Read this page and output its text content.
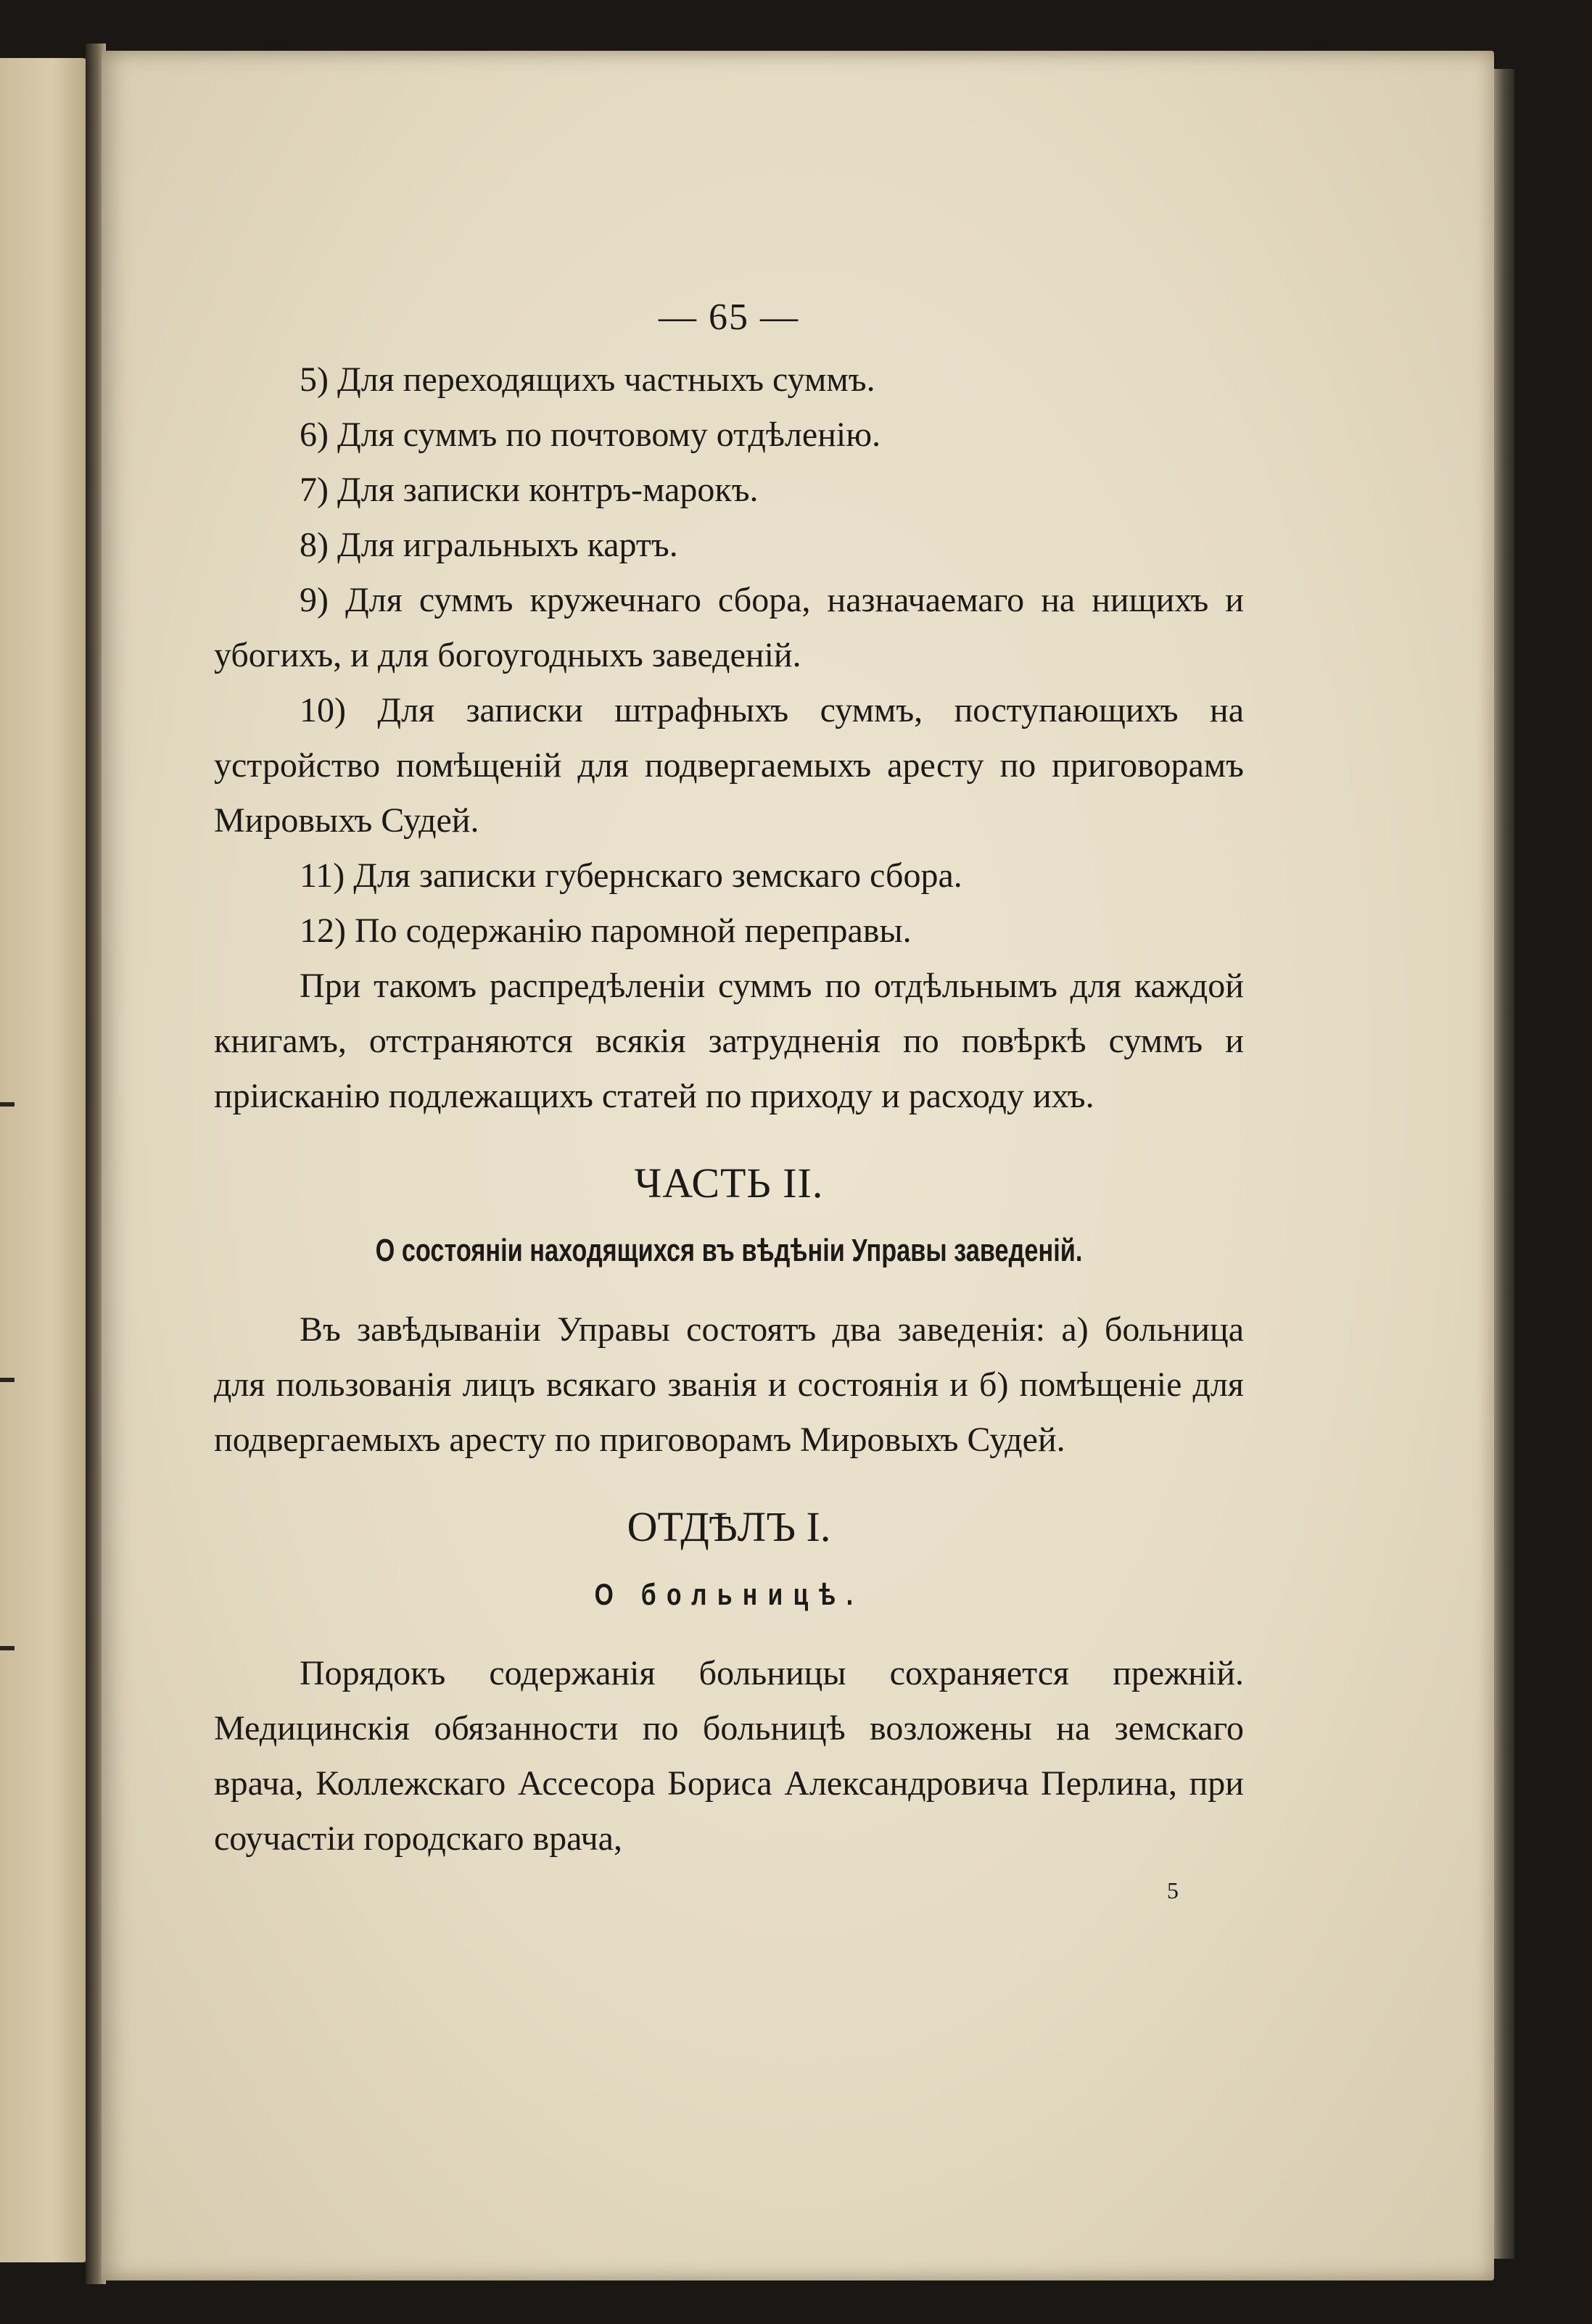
— 65 —

5) Для переходящихъ частныхъ суммъ.

6) Для суммъ по почтовому отдѣленію.

7) Для записки контръ-марокъ.

8) Для игральныхъ картъ.

9) Для суммъ кружечнаго сбора, назначаемаго на нищихъ и убогихъ, и для богоугодныхъ заведеній.

10) Для записки штрафныхъ суммъ, поступающихъ на устройство помѣщеній для подвергаемыхъ аресту по приговорамъ Мировыхъ Судей.

11) Для записки губернскаго земскаго сбора.

12) По содержанію паромной переправы.

При такомъ распредѣленіи суммъ по отдѣльнымъ для каждой книгамъ, отстраняются всякія затрудненія по повѣркѣ суммъ и пріисканію подлежащихъ статей по приходу и расходу ихъ.

ЧАСТЬ II.
О состояніи находящихся въ вѣдѣніи Управы заведеній.

Въ завѣдываніи Управы состоятъ два заведенія: а) больница для пользованія лицъ всякаго званія и состоянія и б) помѣщеніе для подвергаемыхъ аресту по приговорамъ Мировыхъ Судей.

ОТДѢЛЪ I.
О больницѣ.

Порядокъ содержанія больницы сохраняется прежній. Медицинскія обязанности по больницѣ возложены на земскаго врача, Коллежскаго Ассесора Бориса Александровича Перлина, при соучастіи городскаго врача,

5
